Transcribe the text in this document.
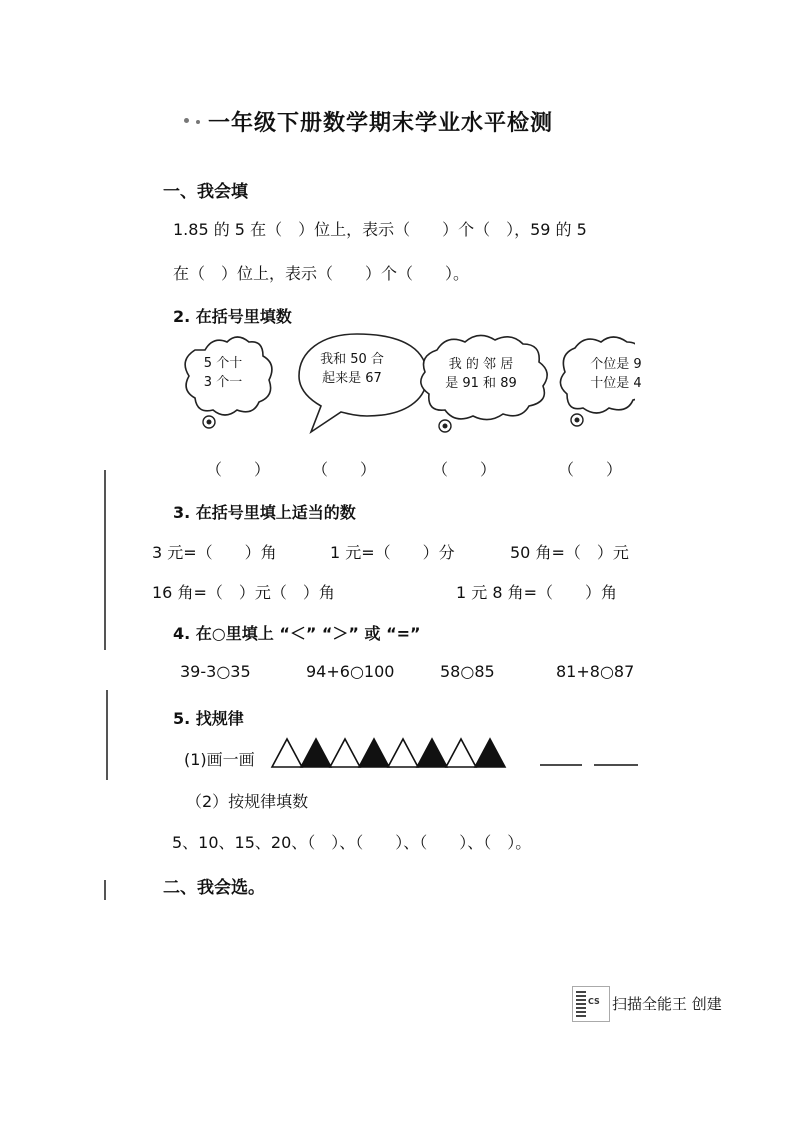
一年级下册数学期末学业水平检测
一、我会填
1.85 的 5 在（　）位上，表示（　　）个（　），59 的 5
在（　）位上，表示（　　）个（　　）。
2. 在括号里填数
5 个十
3 个一
我和 50 合
起来是 67
我 的 邻 居
是 91 和 89
个位是 9
十位是 4
（　　）	（　　）	（　　）	（　　）
3. 在括号里填上适当的数
3 元=（　　）角	1 元=（　　）分	50 角=（　）元
16 角=（　）元（　）角	1 元 8 角=（　　）角
4. 在○里填上 “＜” “＞” 或 “=”
39-3○35	94+6○100	58○85	81+8○87
5. 找规律
(1)画一画
（2）按规律填数
5、10、15、20、（　）、（　　）、（　　）、（　）。
二、我会选。
CS 扫描全能王 创建
